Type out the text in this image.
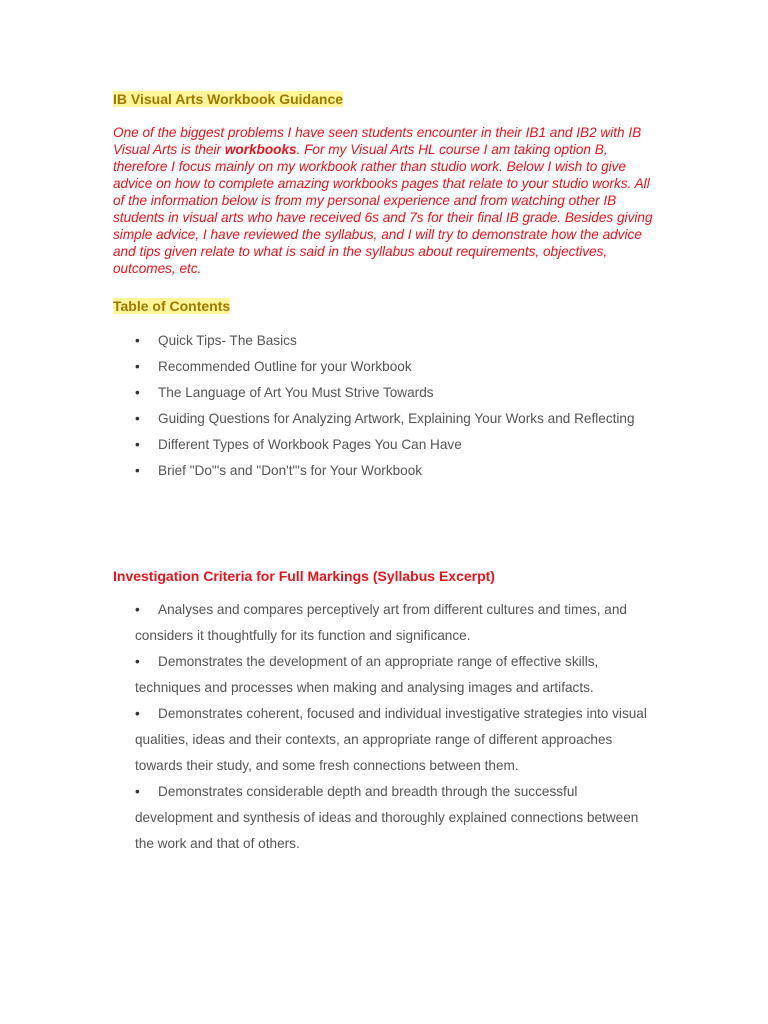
IB Visual Arts Workbook Guidance

One of the biggest problems I have seen students encounter in their IB1 and IB2 with IB Visual Arts is their workbooks. For my Visual Arts HL course I am taking option B, therefore I focus mainly on my workbook rather than studio work. Below I wish to give advice on how to complete amazing workbooks pages that relate to your studio works. All of the information below is from my personal experience and from watching other IB students in visual arts who have received 6s and 7s for their final IB grade. Besides giving simple advice, I have reviewed the syllabus, and I will try to demonstrate how the advice and tips given relate to what is said in the syllabus about requirements, objectives, outcomes, etc.

Table of Contents
• Quick Tips- The Basics
• Recommended Outline for your Workbook
• The Language of Art You Must Strive Towards
• Guiding Questions for Analyzing Artwork, Explaining Your Works and Reflecting
• Different Types of Workbook Pages You Can Have
• Brief "Do"'s and "Don't"'s for Your Workbook
Investigation Criteria for Full Markings (Syllabus Excerpt)
• Analyses and compares perceptively art from different cultures and times, and considers it thoughtfully for its function and significance.
• Demonstrates the development of an appropriate range of effective skills, techniques and processes when making and analysing images and artifacts.
• Demonstrates coherent, focused and individual investigative strategies into visual qualities, ideas and their contexts, an appropriate range of different approaches towards their study, and some fresh connections between them.
• Demonstrates considerable depth and breadth through the successful development and synthesis of ideas and thoroughly explained connections between the work and that of others.
